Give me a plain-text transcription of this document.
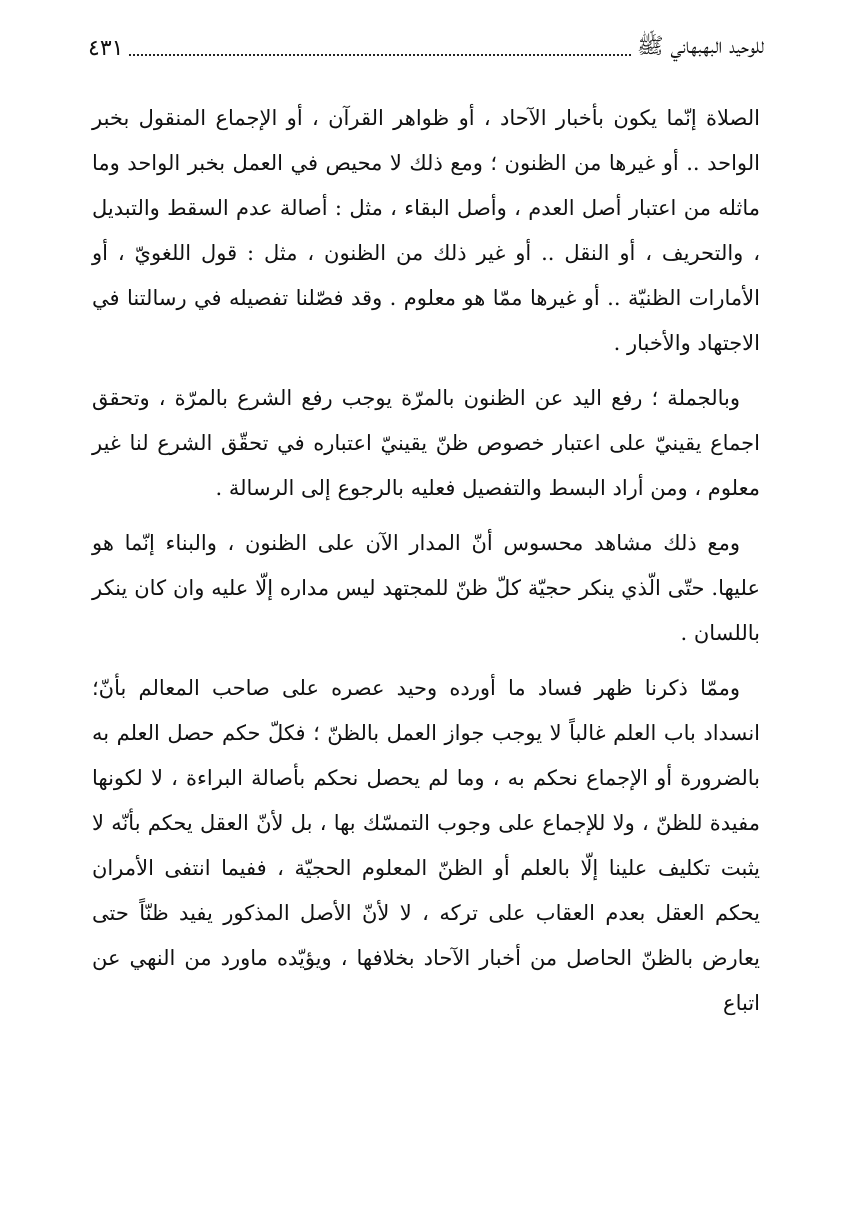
للوحيد البهبهاني ﷺ
٤٣١

الصلاة إنّما يكون بأخبار الآحاد ، أو ظواهر القرآن ، أو الإجماع المنقول بخبر الواحد .. أو غيرها من الظنون ؛ ومع ذلك لا محيص في العمل بخبر الواحد وما ماثله من اعتبار أصل العدم ، وأصل البقاء ، مثل : أصالة عدم السقط والتبديل ، والتحريف ، أو النقل .. أو غير ذلك من الظنون ، مثل : قول اللغويّ ، أو الأمارات الظنيّة .. أو غيرها ممّا هو معلوم . وقد فصّلنا تفصيله في رسالتنا في الاجتهاد والأخبار .

وبالجملة ؛ رفع اليد عن الظنون بالمرّة يوجب رفع الشرع بالمرّة ، وتحقق اجماع يقينيّ على اعتبار خصوص ظنّ يقينيّ اعتباره في تحقّق الشرع لنا غير معلوم ، ومن أراد البسط والتفصيل فعليه بالرجوع إلى الرسالة .

ومع ذلك مشاهد محسوس أنّ المدار الآن على الظنون ، والبناء إنّما هو عليها. حتّى الّذي ينكر حجيّة كلّ ظنّ للمجتهد ليس مداره إلّا عليه وان كان ينكر باللسان .

وممّا ذكرنا ظهر فساد ما أورده وحيد عصره على صاحب المعالم بأنّ؛ انسداد باب العلم غالباً لا يوجب جواز العمل بالظنّ ؛ فكلّ حكم حصل العلم به بالضرورة أو الإجماع نحكم به ، وما لم يحصل نحكم بأصالة البراءة ، لا لكونها مفيدة للظنّ ، ولا للإجماع على وجوب التمسّك بها ، بل لأنّ العقل يحكم بأنّه لا يثبت تكليف علينا إلّا بالعلم أو الظنّ المعلوم الحجيّة ، ففيما انتفى الأمران يحكم العقل بعدم العقاب على تركه ، لا لأنّ الأصل المذكور يفيد ظنّاً حتى يعارض بالظنّ الحاصل من أخبار الآحاد بخلافها ، ويؤيّده ماورد من النهي عن اتباع
